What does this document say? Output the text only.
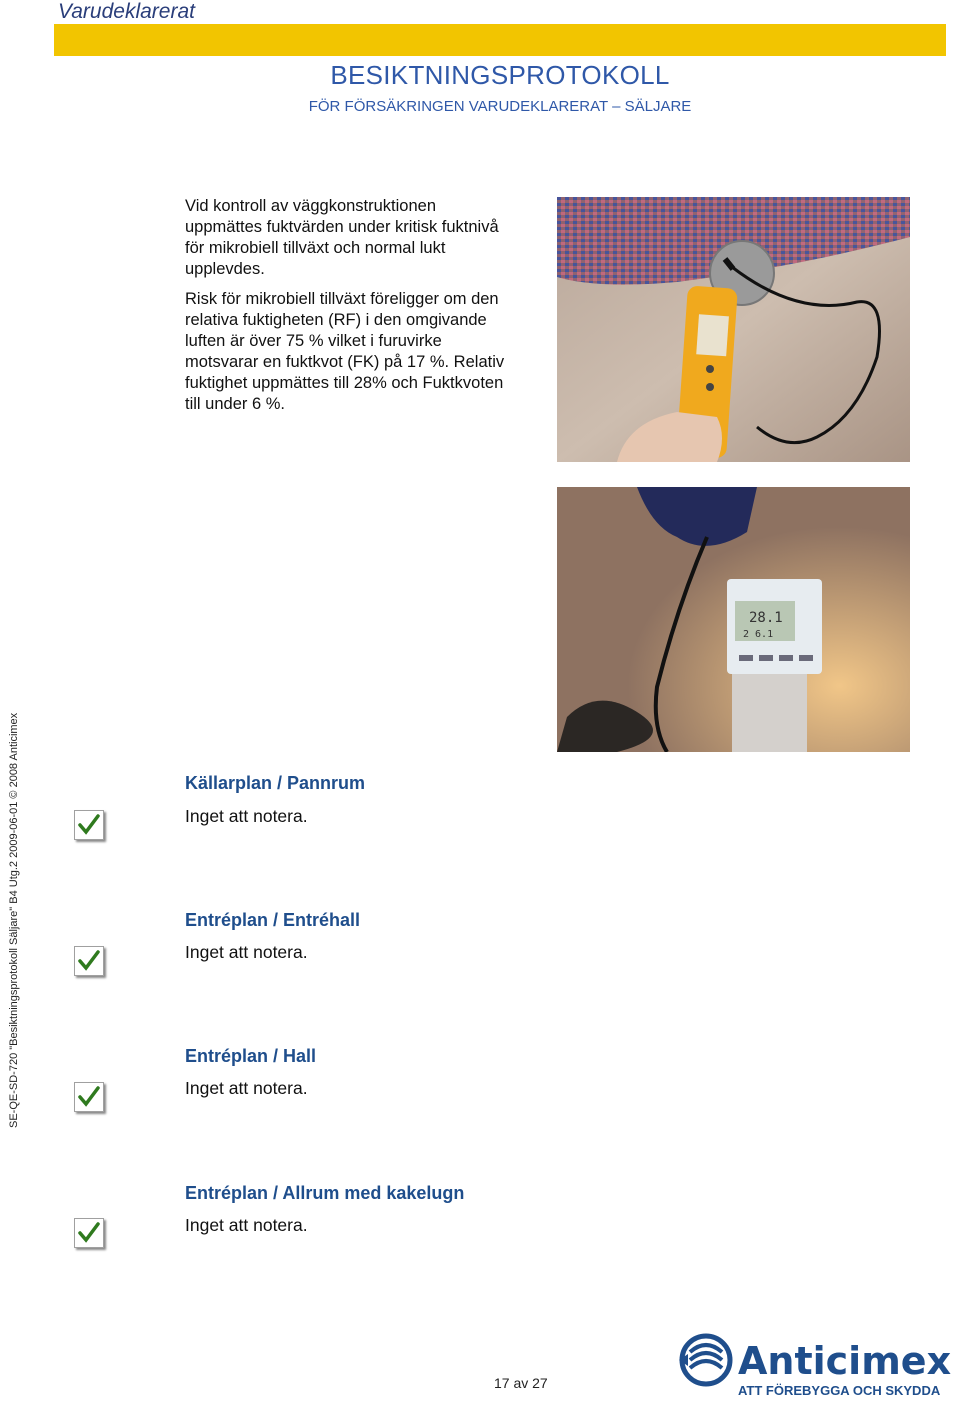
Varudeklarerat
BESIKTNINGSPROTOKOLL
FÖR FÖRSÄKRINGEN VARUDEKLARERAT – SÄLJARE
Vid kontroll av väggkonstruktionen
uppmättes fuktvärden under kritisk fuktnivå
för mikrobiell tillväxt och normal lukt
upplevdes.
Risk för mikrobiell tillväxt föreligger om den
relativa fuktigheten (RF) i den omgivande
luften är över 75 % vilket i furuvirke
motsvarar en fuktkvot (FK) på 17 %. Relativ
fuktighet uppmättes till 28% och Fuktkvoten
till under 6 %.
28.1
2 6.1
Källarplan / Pannrum
Inget att notera.
Entréplan / Entréhall
Inget att notera.
Entréplan / Hall
Inget att notera.
Entréplan / Allrum med kakelugn
Inget att notera.
SE-QE-SD-720 "Besiktningsprotokoll Säljare" B4 Utg.2 2009-06-01 © 2008 Anticimex
17 av 27	Anticimex
ATT FÖREBYGGA OCH SKYDDA
